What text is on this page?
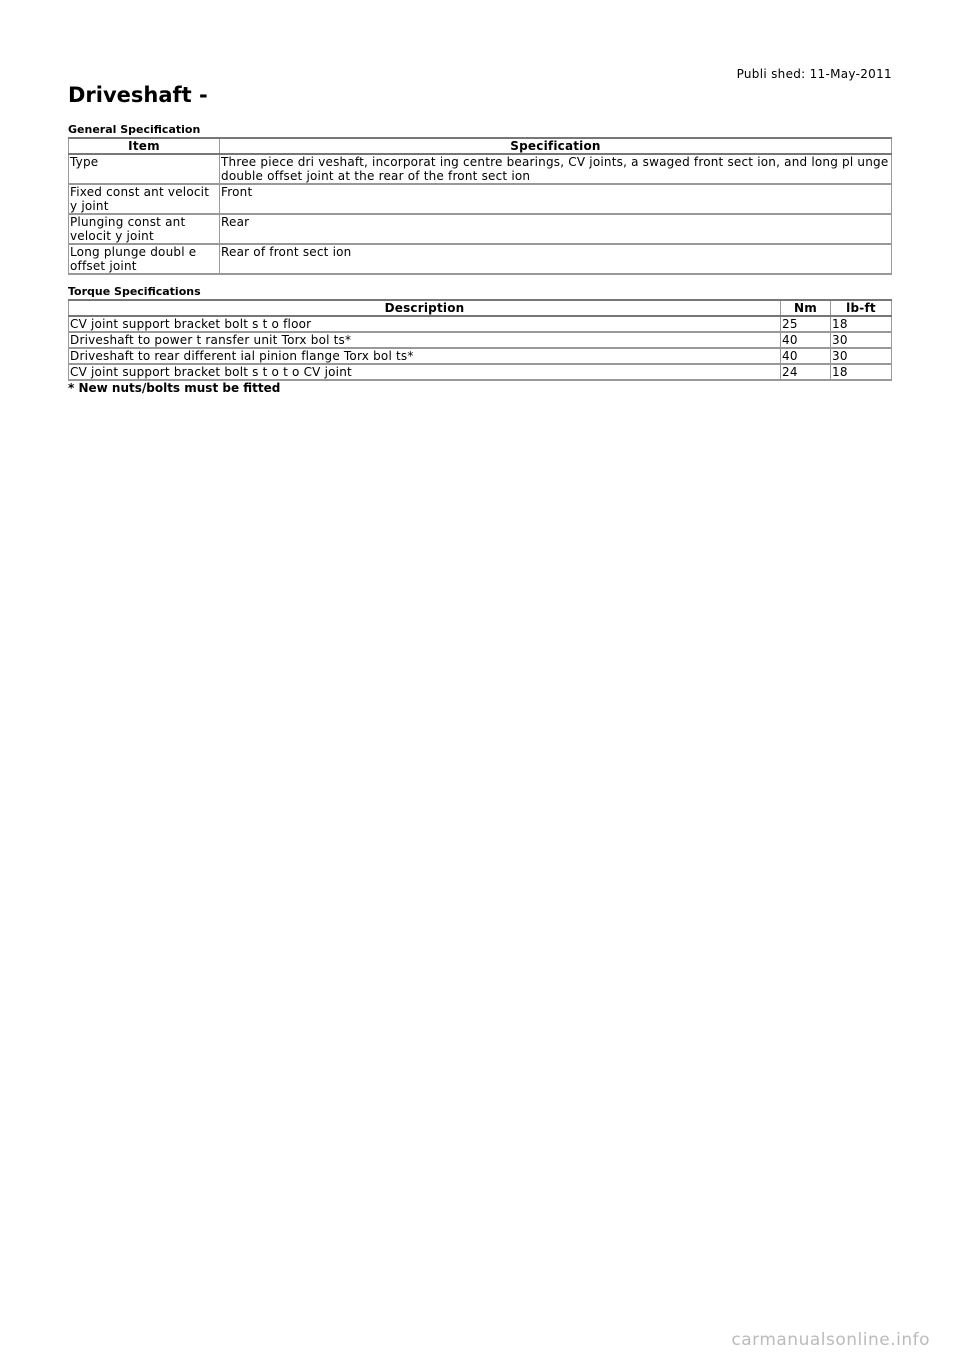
Publi shed: 11-May-2011
Driveshaft -
General Specification
Item	Specification
Type	Three piece dri veshaft, incorporat ing centre bearings, CV joints, a swaged front sect ion, and long pl unge double offset joint at the rear of the front sect ion
Fixed const ant velocit y joint	Front
Plunging const ant velocit y joint	Rear
Long plunge doubl e offset joint	Rear of front sect ion
Torque Specifications
Description	Nm	lb-ft
CV joint support bracket bolt s t o floor	25	18
Driveshaft to power t ransfer unit Torx bol ts*	40	30
Driveshaft to rear different ial pinion flange Torx bol ts*	40	30
CV joint support bracket bolt s t o t o CV joint	24	18
* New nuts/bolts must be fitted
carmanualsonline.info
